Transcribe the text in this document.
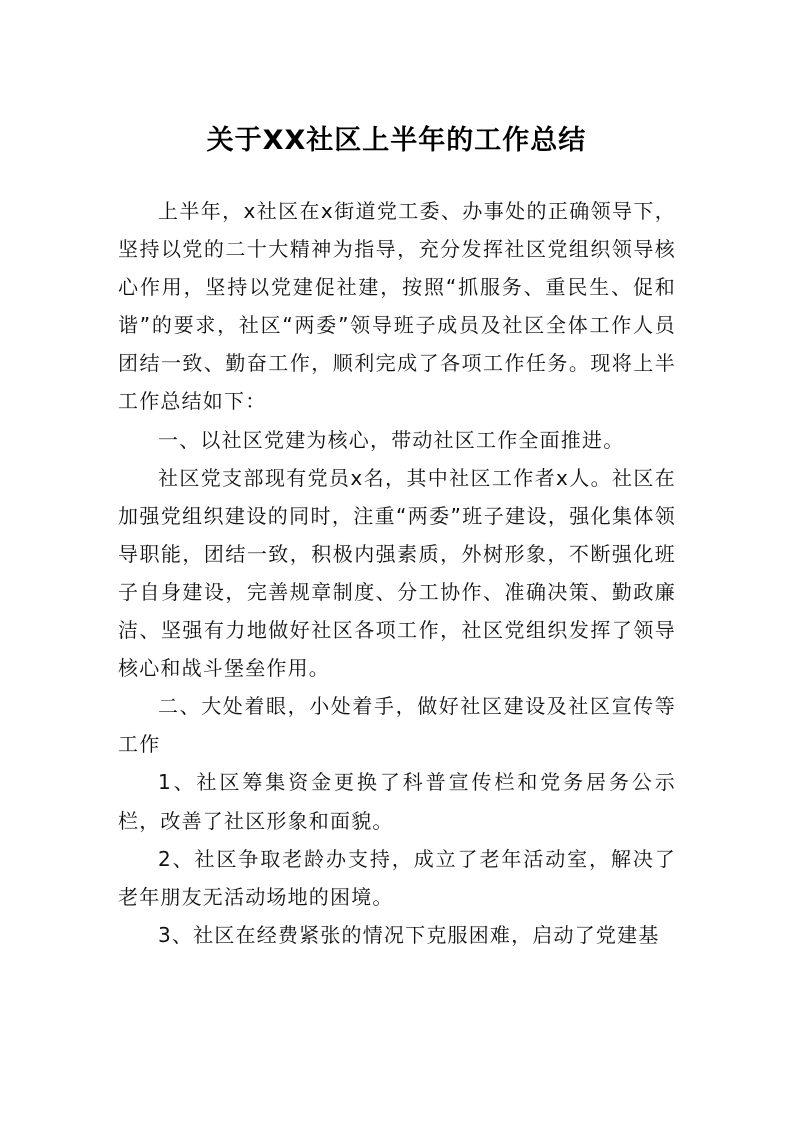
关于XX社区上半年的工作总结

上半年，x社区在x街道党工委、办事处的正确领导下，坚持以党的二十大精神为指导，充分发挥社区党组织领导核心作用，坚持以党建促社建，按照“抓服务、重民生、促和谐”的要求，社区“两委”领导班子成员及社区全体工作人员团结一致、勤奋工作，顺利完成了各项工作任务。现将上半工作总结如下：

一、以社区党建为核心，带动社区工作全面推进。

社区党支部现有党员x名，其中社区工作者x人。社区在加强党组织建设的同时，注重“两委”班子建设，强化集体领导职能，团结一致，积极内强素质，外树形象，不断强化班子自身建设，完善规章制度、分工协作、准确决策、勤政廉洁、坚强有力地做好社区各项工作，社区党组织发挥了领导核心和战斗堡垒作用。

二、大处着眼，小处着手，做好社区建设及社区宣传等工作

1、社区筹集资金更换了科普宣传栏和党务居务公示栏，改善了社区形象和面貌。

2、社区争取老龄办支持，成立了老年活动室，解决了老年朋友无活动场地的困境。

3、社区在经费紧张的情况下克服困难，启动了党建基
